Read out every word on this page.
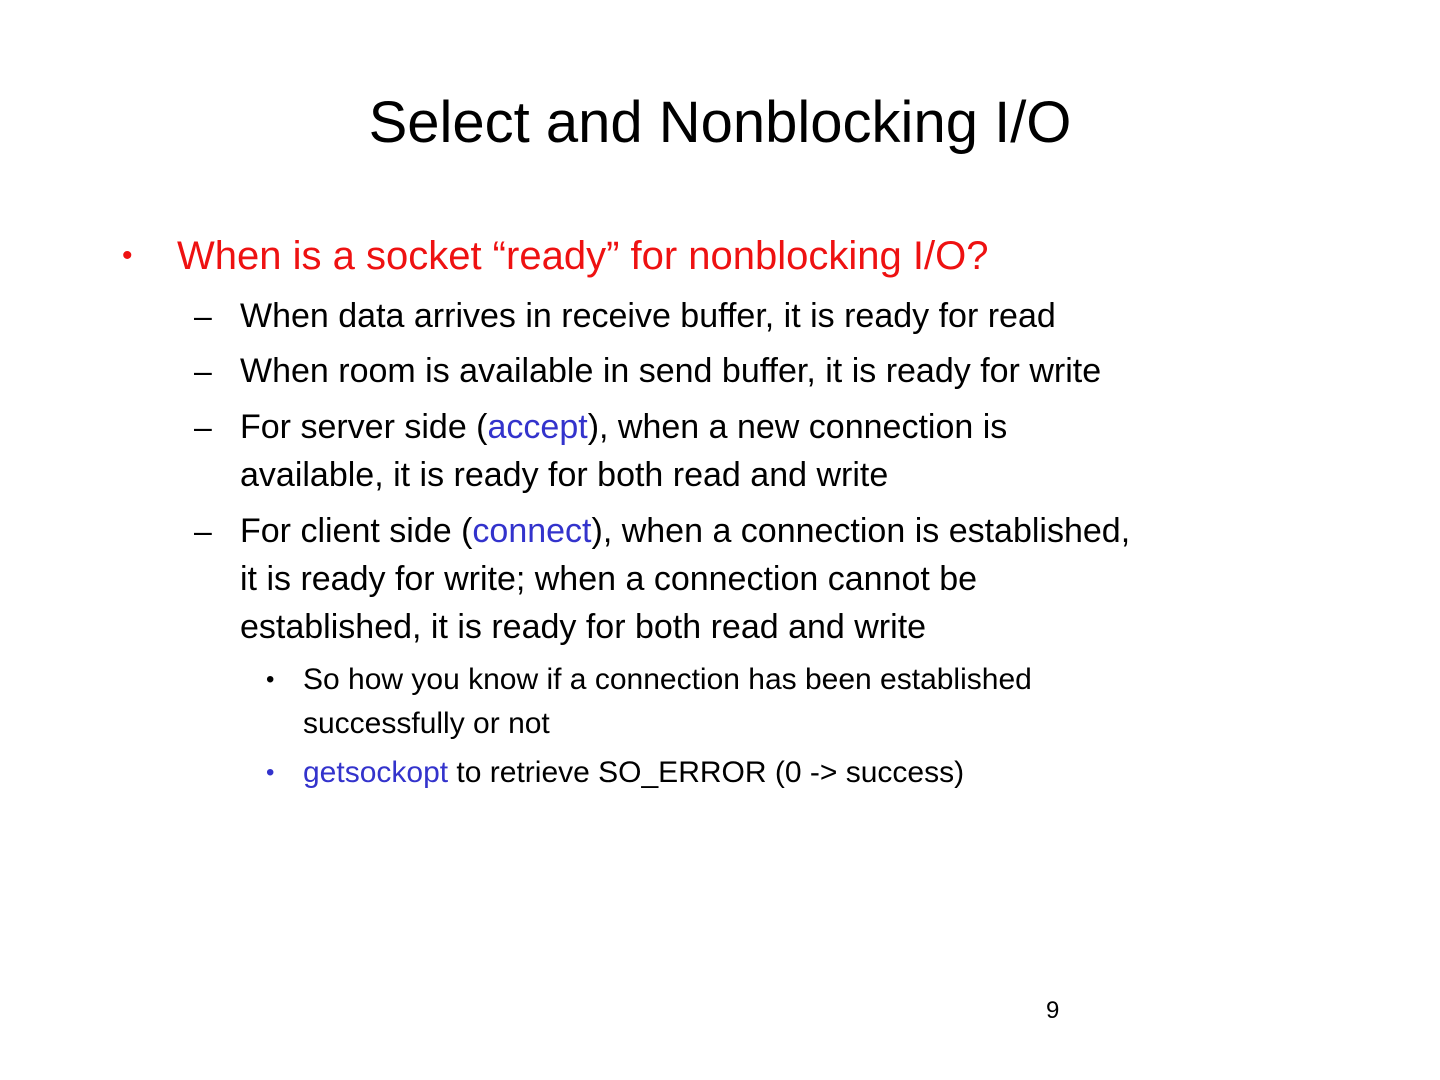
Select and Nonblocking I/O
• When is a socket “ready” for nonblocking I/O?
– When data arrives in receive buffer, it is ready for read
– When room is available in send buffer, it is ready for write
– For server side (accept), when a new connection is
available, it is ready for both read and write
– For client side (connect), when a connection is established,
it is ready for write; when a connection cannot be
established, it is ready for both read and write
• So how you know if a connection has been established
successfully or not
• getsockopt to retrieve SO_ERROR (0 -> success)
9
